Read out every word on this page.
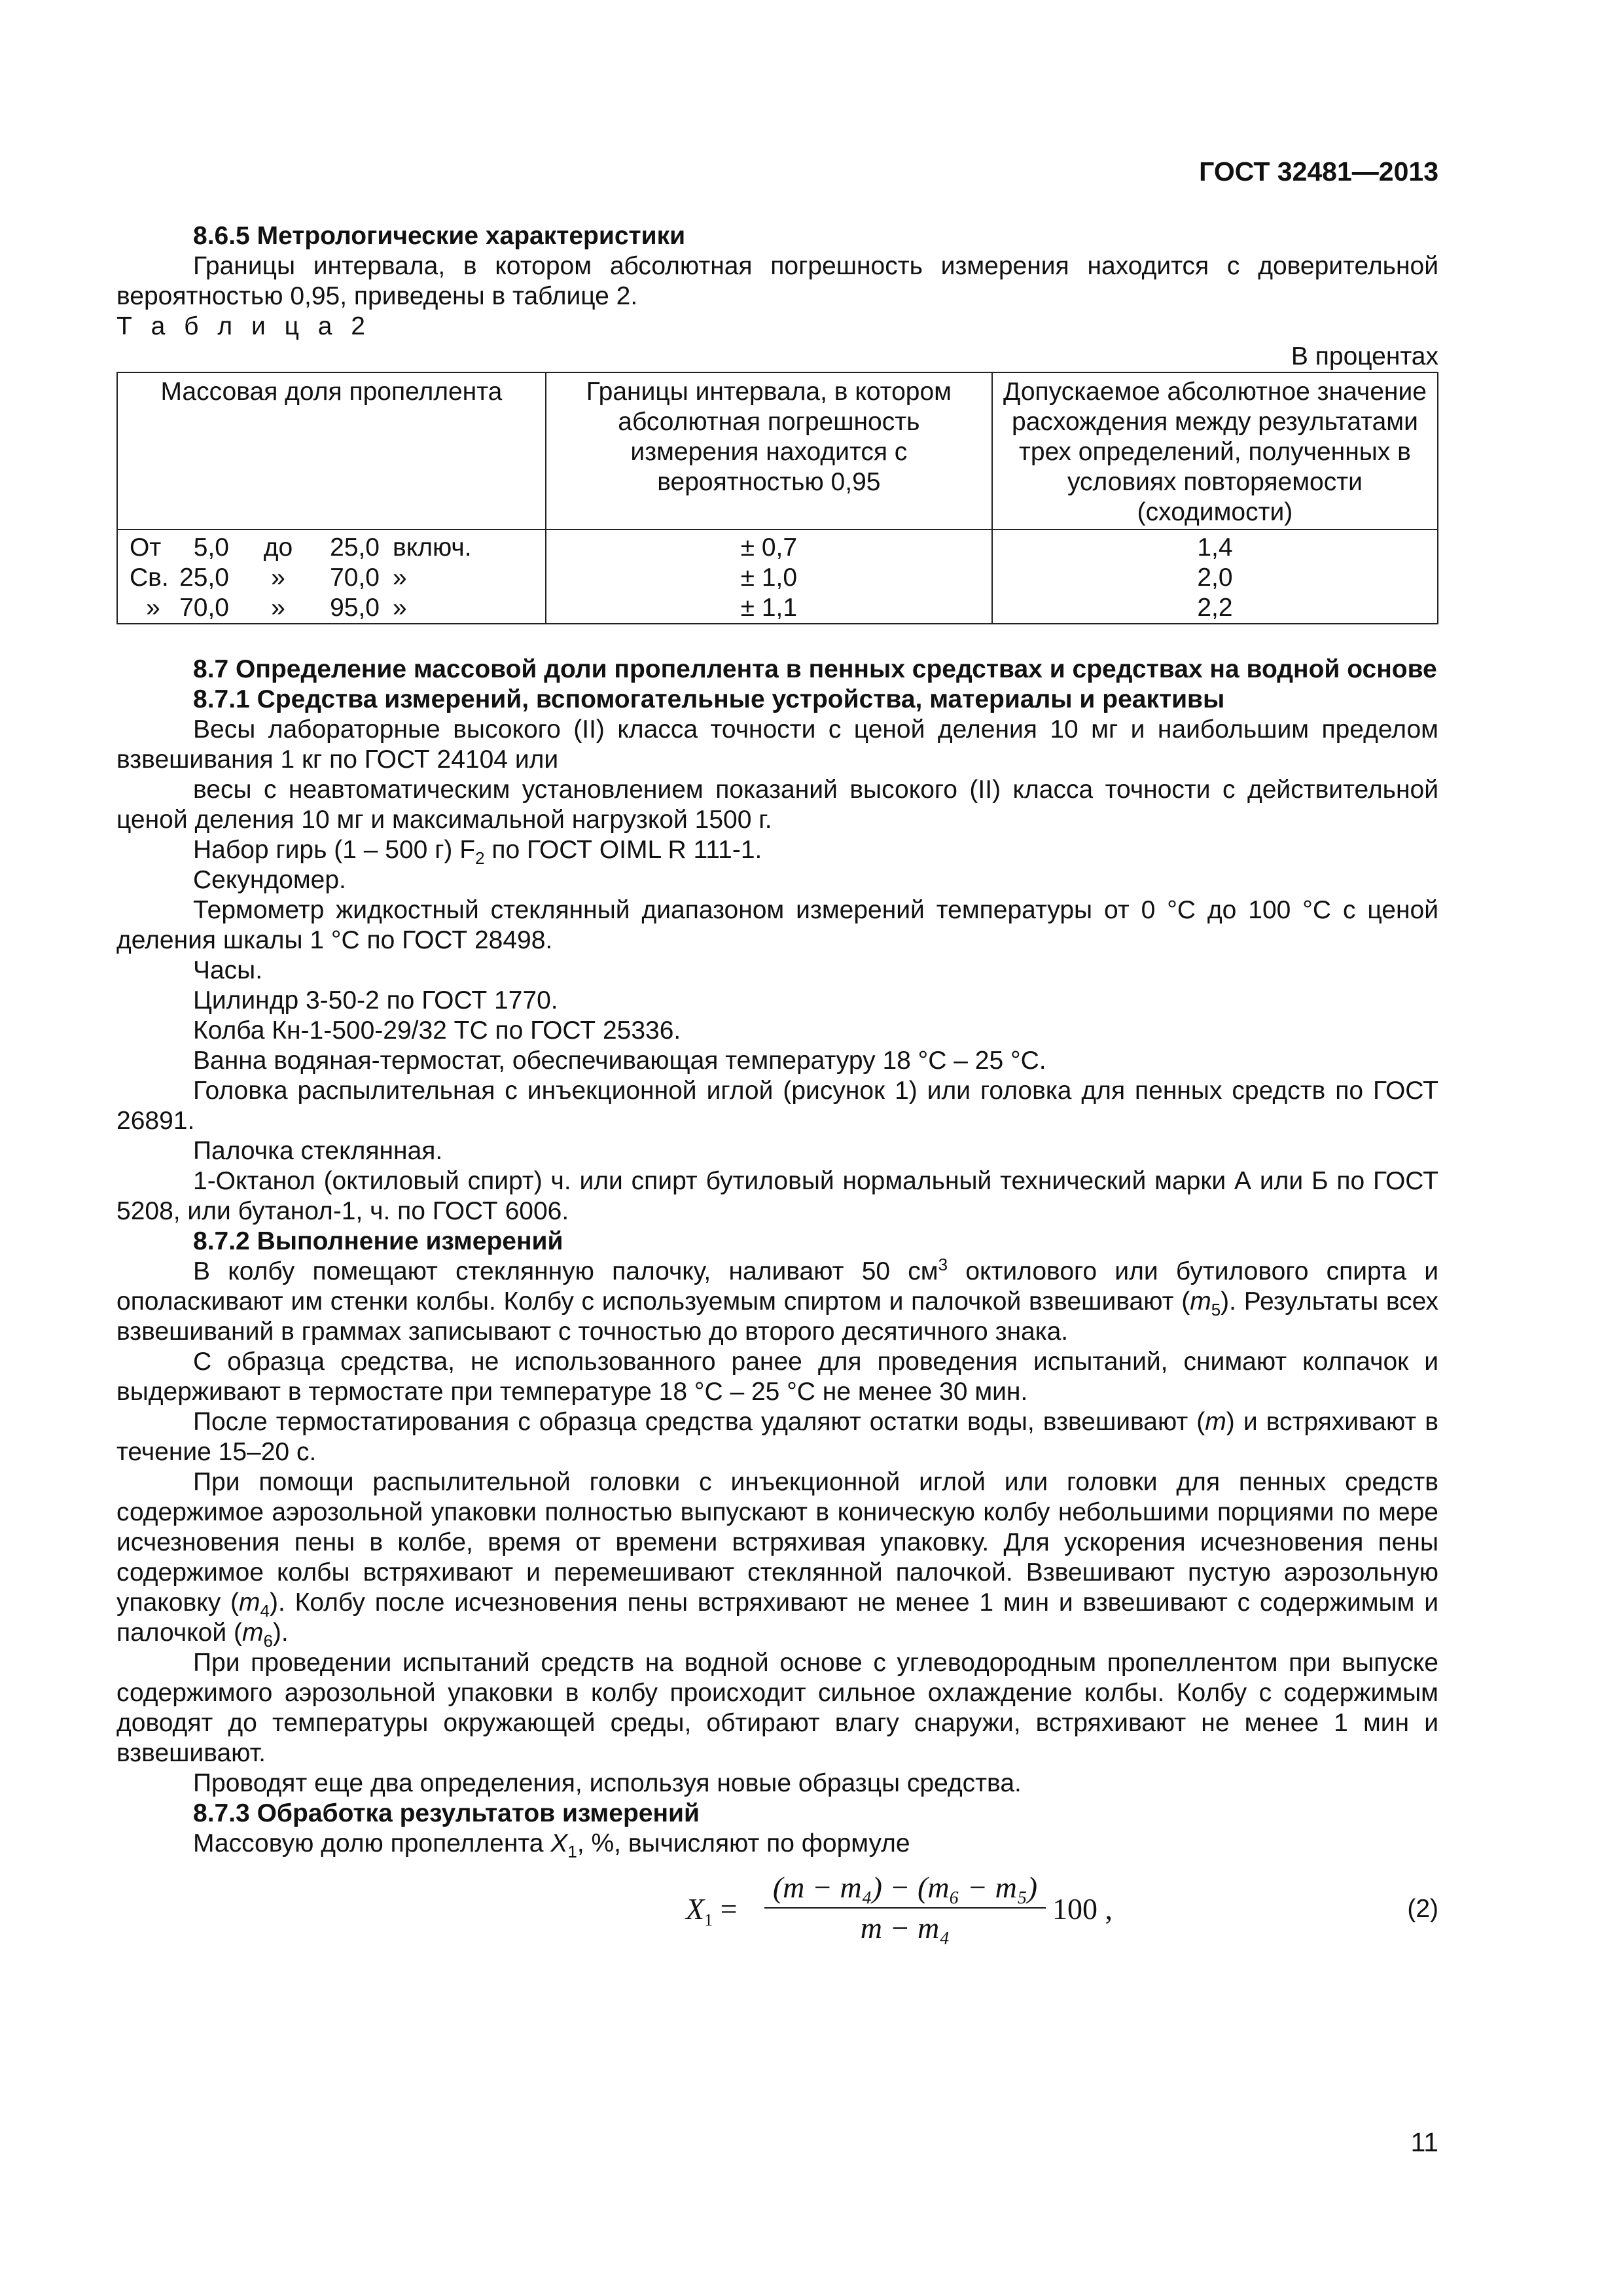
ГОСТ 32481—2013

8.6.5 Метрологические характеристики

Границы интервала, в котором абсолютная погрешность измерения находится с доверительной вероятностью 0,95, приведены в таблице 2.

Т а б л и ц а 2

В процентах

Массовая доля пропеллента	Границы интервала, в котором абсолютная погрешность измерения находится с вероятностью 0,95	Допускаемое абсолютное значение расхождения между результатами трех определений, полученных в условиях повторяемости (сходимости)
От 5,0 до 25,0 включ.	± 0,7	1,4
Св. 25,0 » 70,0 »	± 1,0	2,0
» 70,0 » 95,0 »	± 1,1	2,2

8.7 Определение массовой доли пропеллента в пенных средствах и средствах на водной основе

8.7.1 Средства измерений, вспомогательные устройства, материалы и реактивы

Весы лабораторные высокого (II) класса точности с ценой деления 10 мг и наибольшим пределом взвешивания 1 кг по ГОСТ 24104 или

весы с неавтоматическим установлением показаний высокого (II) класса точности с действительной ценой деления 10 мг и максимальной нагрузкой 1500 г.

Набор гирь (1 – 500 г) $F_2$ по ГОСТ OIML R 111-1.

Секундомер.

Термометр жидкостный стеклянный диапазоном измерений температуры от 0 °С до 100 °С с ценой деления шкалы 1 °С по ГОСТ 28498.

Часы.

Цилиндр 3-50-2 по ГОСТ 1770.

Колба Кн-1-500-29/32 ТС по ГОСТ 25336.

Ванна водяная-термостат, обеспечивающая температуру 18 °С – 25 °С.

Головка распылительная с инъекционной иглой (рисунок 1) или головка для пенных средств по ГОСТ 26891.

Палочка стеклянная.

1-Октанол (октиловый спирт) ч. или спирт бутиловый нормальный технический марки А или Б по ГОСТ 5208, или бутанол-1, ч. по ГОСТ 6006.

8.7.2 Выполнение измерений

В колбу помещают стеклянную палочку, наливают 50 $см^3$ октилового или бутилового спирта и ополаскивают им стенки колбы. Колбу с используемым спиртом и палочкой взвешивают $(m_5)$. Результаты всех взвешиваний в граммах записывают с точностью до второго десятичного знака.

С образца средства, не использованного ранее для проведения испытаний, снимают колпачок и выдерживают в термостате при температуре 18 °С – 25 °С не менее 30 мин.

После термостатирования с образца средства удаляют остатки воды, взвешивают (m) и встряхивают в течение 15–20 с.

При помощи распылительной головки с инъекционной иглой или головки для пенных средств содержимое аэрозольной упаковки полностью выпускают в коническую колбу небольшими порциями по мере исчезновения пены в колбе, время от времени встряхивая упаковку. Для ускорения исчезновения пены содержимое колбы встряхивают и перемешивают стеклянной палочкой. Взвешивают пустую аэрозольную упаковку $(m_4)$. Колбу после исчезновения пены встряхивают не менее 1 мин и взвешивают с содержимым и палочкой $(m_6)$.

При проведении испытаний средств на водной основе с углеводородным пропеллентом при выпуске содержимого аэрозольной упаковки в колбу происходит сильное охлаждение колбы. Колбу с содержимым доводят до температуры окружающей среды, обтирают влагу снаружи, встряхивают не менее 1 мин и взвешивают.

Проводят еще два определения, используя новые образцы средства.

8.7.3 Обработка результатов измерений

Массовую долю пропеллента $X_1$, %, вычисляют по формуле

$X_1$ =
(m − m₄) − (m₆ − m₅)
m − m₄
100 ,	(2)
11
